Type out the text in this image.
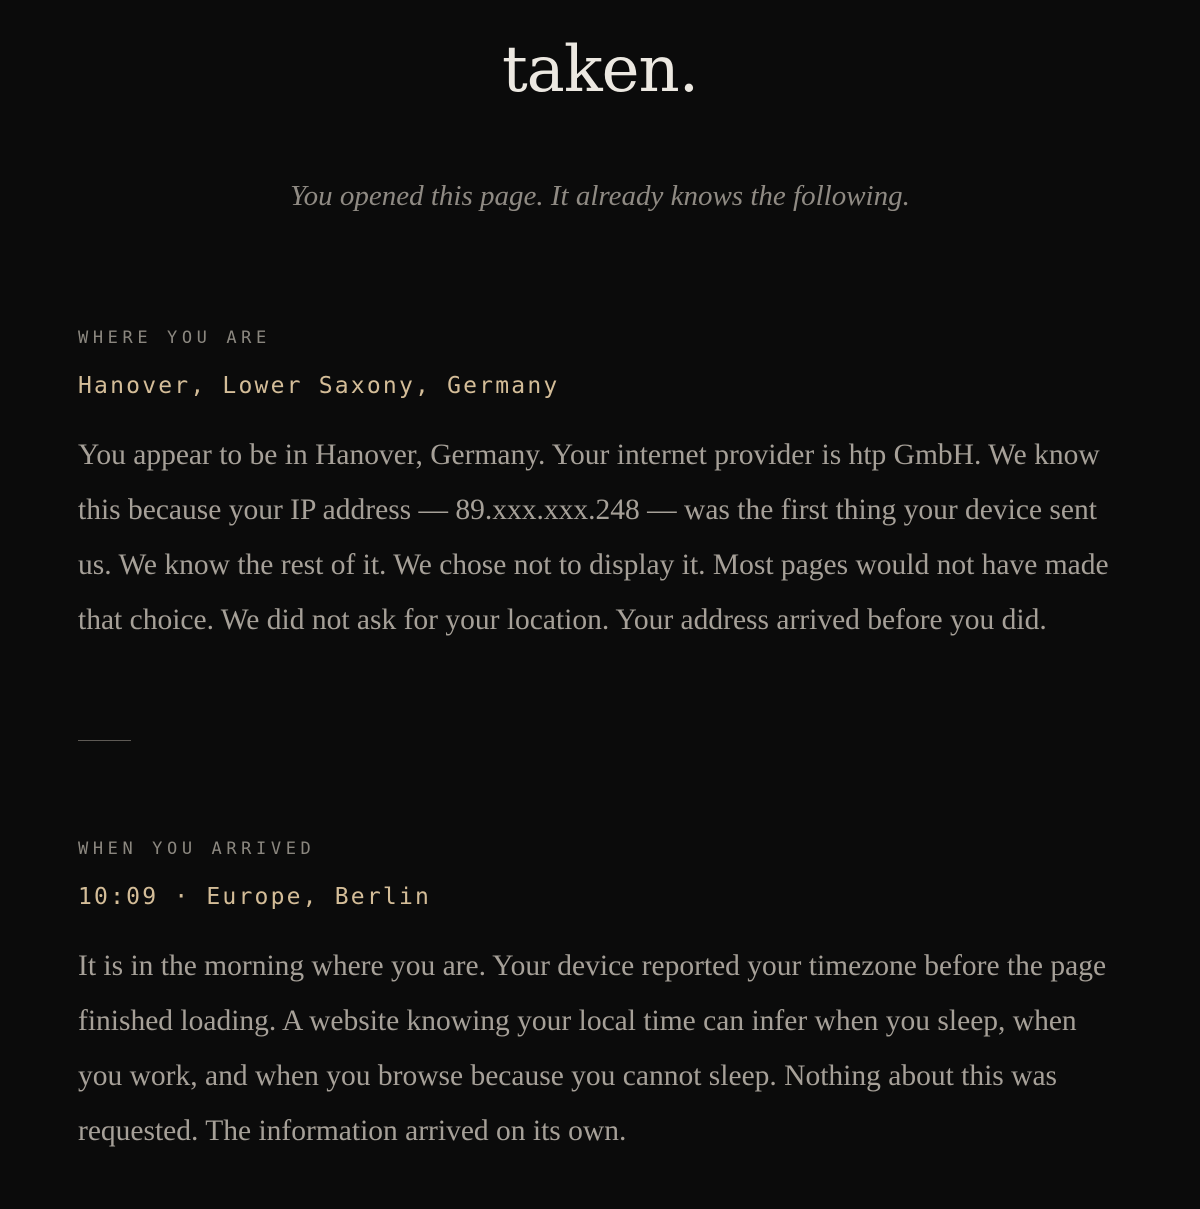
taken.

You opened this page. It already knows the following.

WHERE YOU ARE

Hanover, Lower Saxony, Germany

You appear to be in Hanover, Germany. Your internet provider is htp GmbH. We know this because your IP address — 89.xxx.xxx.248 — was the first thing your device sent us. We know the rest of it. We chose not to display it. Most pages would not have made that choice. We did not ask for your location. Your address arrived before you did.

WHEN YOU ARRIVED

10:09 · Europe, Berlin

It is in the morning where you are. Your device reported your timezone before the page finished loading. A website knowing your local time can infer when you sleep, when you work, and when you browse because you cannot sleep. Nothing about this was requested. The information arrived on its own.
